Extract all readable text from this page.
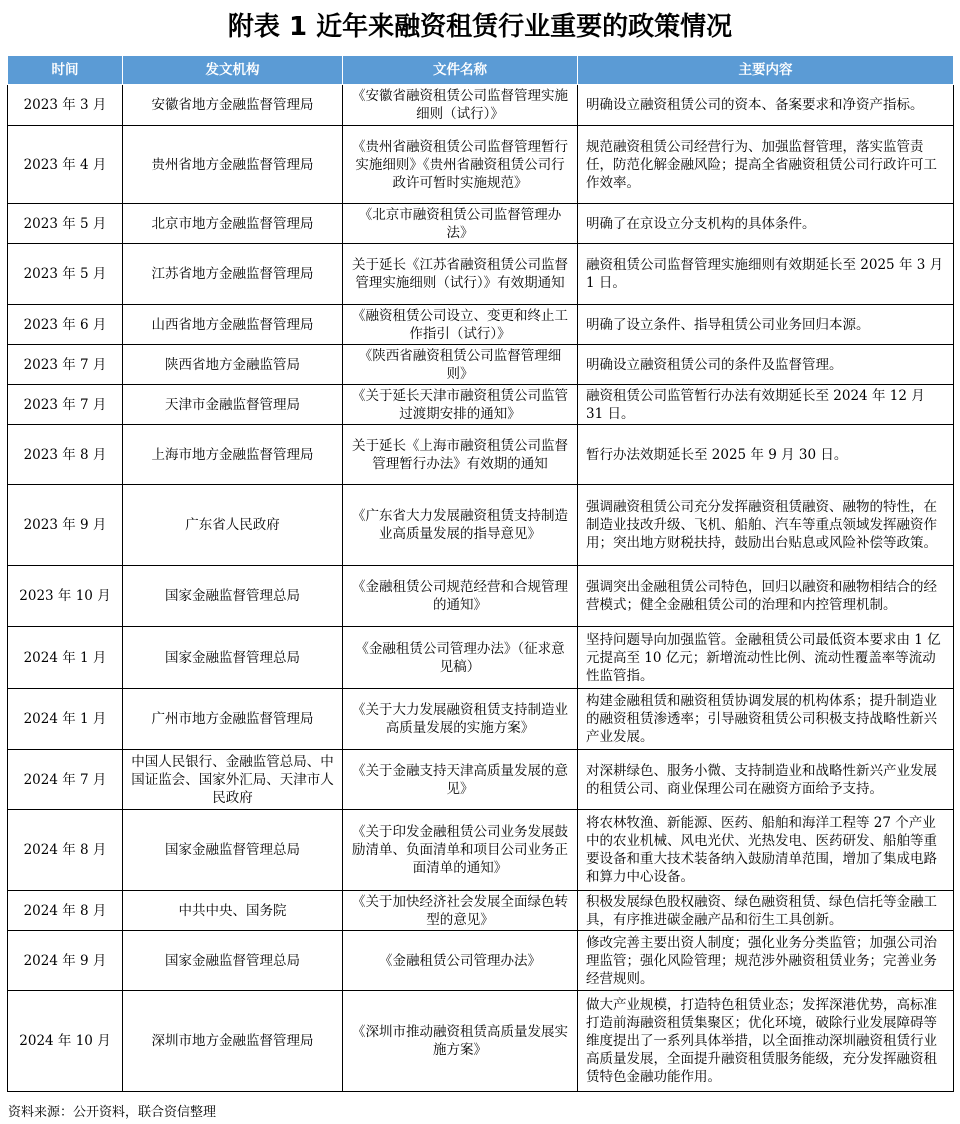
附表 1 近年来融资租赁行业重要的政策情况
时间	发文机构	文件名称	主要内容
2023 年 3 月	安徽省地方金融监督管理局	《安徽省融资租赁公司监督管理实施细则（试行）》	明确设立融资租赁公司的资本、备案要求和净资产指标。
2023 年 4 月	贵州省地方金融监督管理局	《贵州省融资租赁公司监督管理暂行实施细则》《贵州省融资租赁公司行政许可暂时实施规范》	规范融资租赁公司经营行为、加强监督管理，落实监管责任，防范化解金融风险；提高全省融资租赁公司行政许可工作效率。
2023 年 5 月	北京市地方金融监督管理局	《北京市融资租赁公司监督管理办法》	明确了在京设立分支机构的具体条件。
2023 年 5 月	江苏省地方金融监督管理局	关于延长《江苏省融资租赁公司监督管理实施细则（试行）》有效期通知	融资租赁公司监督管理实施细则有效期延长至 2025 年 3 月 1 日。
2023 年 6 月	山西省地方金融监督管理局	《融资租赁公司设立、变更和终止工作指引（试行）》	明确了设立条件、指导租赁公司业务回归本源。
2023 年 7 月	陕西省地方金融监管局	《陕西省融资租赁公司监督管理细则》	明确设立融资租赁公司的条件及监督管理。
2023 年 7 月	天津市金融监督管理局	《关于延长天津市融资租赁公司监管过渡期安排的通知》	融资租赁公司监管暂行办法有效期延长至 2024 年 12 月 31 日。
2023 年 8 月	上海市地方金融监督管理局	关于延长《上海市融资租赁公司监督管理暂行办法》有效期的通知	暂行办法效期延长至 2025 年 9 月 30 日。
2023 年 9 月	广东省人民政府	《广东省大力发展融资租赁支持制造业高质量发展的指导意见》	强调融资租赁公司充分发挥融资租赁融资、融物的特性，在制造业技改升级、飞机、船舶、汽车等重点领域发挥融资作用；突出地方财税扶持，鼓励出台贴息或风险补偿等政策。
2023 年 10 月	国家金融监督管理总局	《金融租赁公司规范经营和合规管理的通知》	强调突出金融租赁公司特色，回归以融资和融物相结合的经营模式；健全金融租赁公司的治理和内控管理机制。
2024 年 1 月	国家金融监督管理总局	《金融租赁公司管理办法》（征求意见稿）	坚持问题导向加强监管。金融租赁公司最低资本要求由 1 亿元提高至 10 亿元；新增流动性比例、流动性覆盖率等流动性监管指。
2024 年 1 月	广州市地方金融监督管理局	《关于大力发展融资租赁支持制造业高质量发展的实施方案》	构建金融租赁和融资租赁协调发展的机构体系；提升制造业的融资租赁渗透率；引导融资租赁公司积极支持战略性新兴产业发展。
2024 年 7 月	中国人民银行、金融监管总局、中国证监会、国家外汇局、天津市人民政府	《关于金融支持天津高质量发展的意见》	对深耕绿色、服务小微、支持制造业和战略性新兴产业发展的租赁公司、商业保理公司在融资方面给予支持。
2024 年 8 月	国家金融监督管理总局	《关于印发金融租赁公司业务发展鼓励清单、负面清单和项目公司业务正面清单的通知》	将农林牧渔、新能源、医药、船舶和海洋工程等 27 个产业中的农业机械、风电光伏、光热发电、医药研发、船舶等重要设备和重大技术装备纳入鼓励清单范围，增加了集成电路和算力中心设备。
2024 年 8 月	中共中央、国务院	《关于加快经济社会发展全面绿色转型的意见》	积极发展绿色股权融资、绿色融资租赁、绿色信托等金融工具，有序推进碳金融产品和衍生工具创新。
2024 年 9 月	国家金融监督管理总局	《金融租赁公司管理办法》	修改完善主要出资人制度；强化业务分类监管；加强公司治理监管；强化风险管理；规范涉外融资租赁业务；完善业务经营规则。
2024 年 10 月	深圳市地方金融监督管理局	《深圳市推动融资租赁高质量发展实施方案》	做大产业规模，打造特色租赁业态；发挥深港优势，高标准打造前海融资租赁集聚区；优化环境，破除行业发展障碍等维度提出了一系列具体举措，以全面推动深圳融资租赁行业高质量发展，全面提升融资租赁服务能级，充分发挥融资租赁特色金融功能作用。
资料来源：公开资料，联合资信整理
